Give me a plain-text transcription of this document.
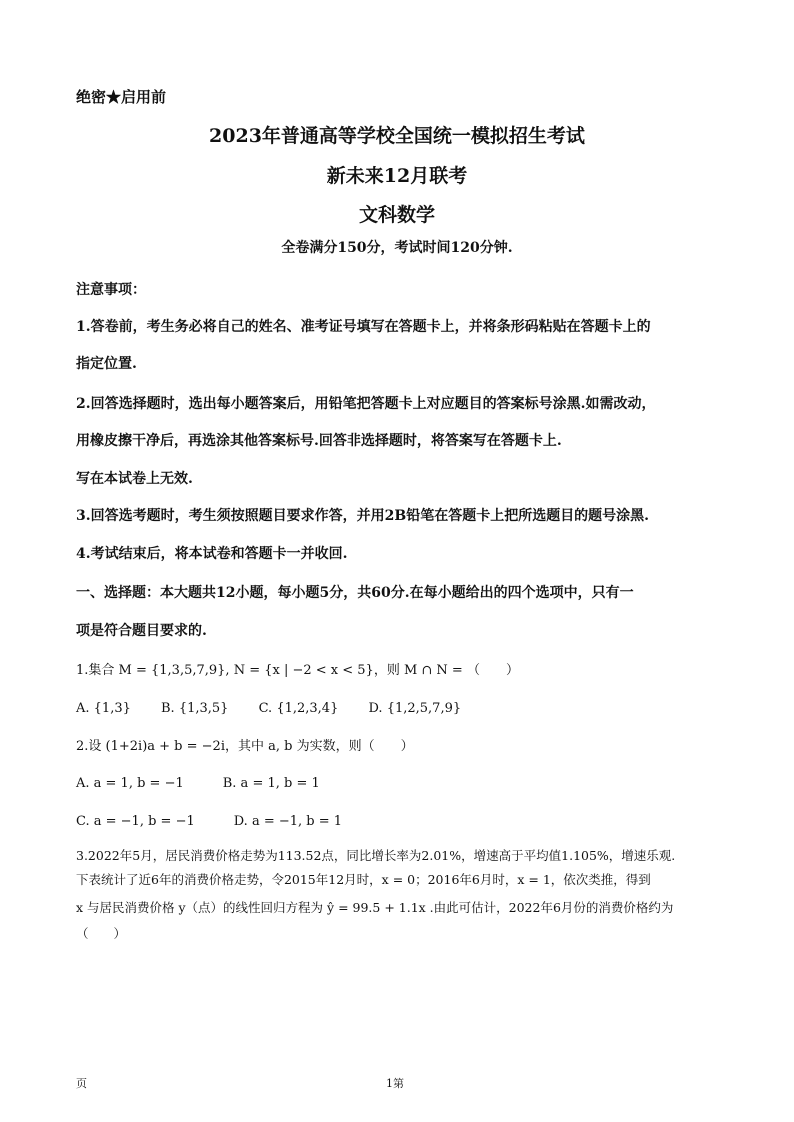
绝密★启用前
2023年普通高等学校全国统一模拟招生考试
新未来12月联考
文科数学
全卷满分150分，考试时间120分钟.
注意事项：
1.答卷前，考生务必将自己的姓名、准考证号填写在答题卡上，并将条形码粘贴在答题卡上的
指定位置.
2.回答选择题时，选出每小题答案后，用铅笔把答题卡上对应题目的答案标号涂黑.如需改动，
用橡皮擦干净后，再选涂其他答案标号.回答非选择题时，将答案写在答题卡上.
写在本试卷上无效.
3.回答选考题时，考生须按照题目要求作答，并用2B铅笔在答题卡上把所选题目的题号涂黑.
4.考试结束后，将本试卷和答题卡一并收回.
一、选择题：本大题共12小题，每小题5分，共60分.在每小题给出的四个选项中，只有一
项是符合题目要求的.
1.集合 M = {1,3,5,7,9}, N = {x | −2 < x < 5}，则 M ∩ N = （　　）
A. {1,3}　　 B. {1,3,5}　　 C. {1,2,3,4}　　 D. {1,2,5,7,9}
2.设 (1+2i)a + b = −2i，其中 a, b 为实数，则（　　）
A. a = 1, b = −1　　　B. a = 1, b = 1
C. a = −1, b = −1　　　D. a = −1, b = 1
3.2022年5月，居民消费价格走势为113.52点，同比增长率为2.01%，增速高于平均值1.105%，增速乐观.
下表统计了近6年的消费价格走势，令2015年12月时，x = 0；2016年6月时，x = 1，依次类推，得到
x 与居民消费价格 y（点）的线性回归方程为 ŷ = 99.5 + 1.1x .由此可估计，2022年6月份的消费价格约为
（　　）
页	1第
